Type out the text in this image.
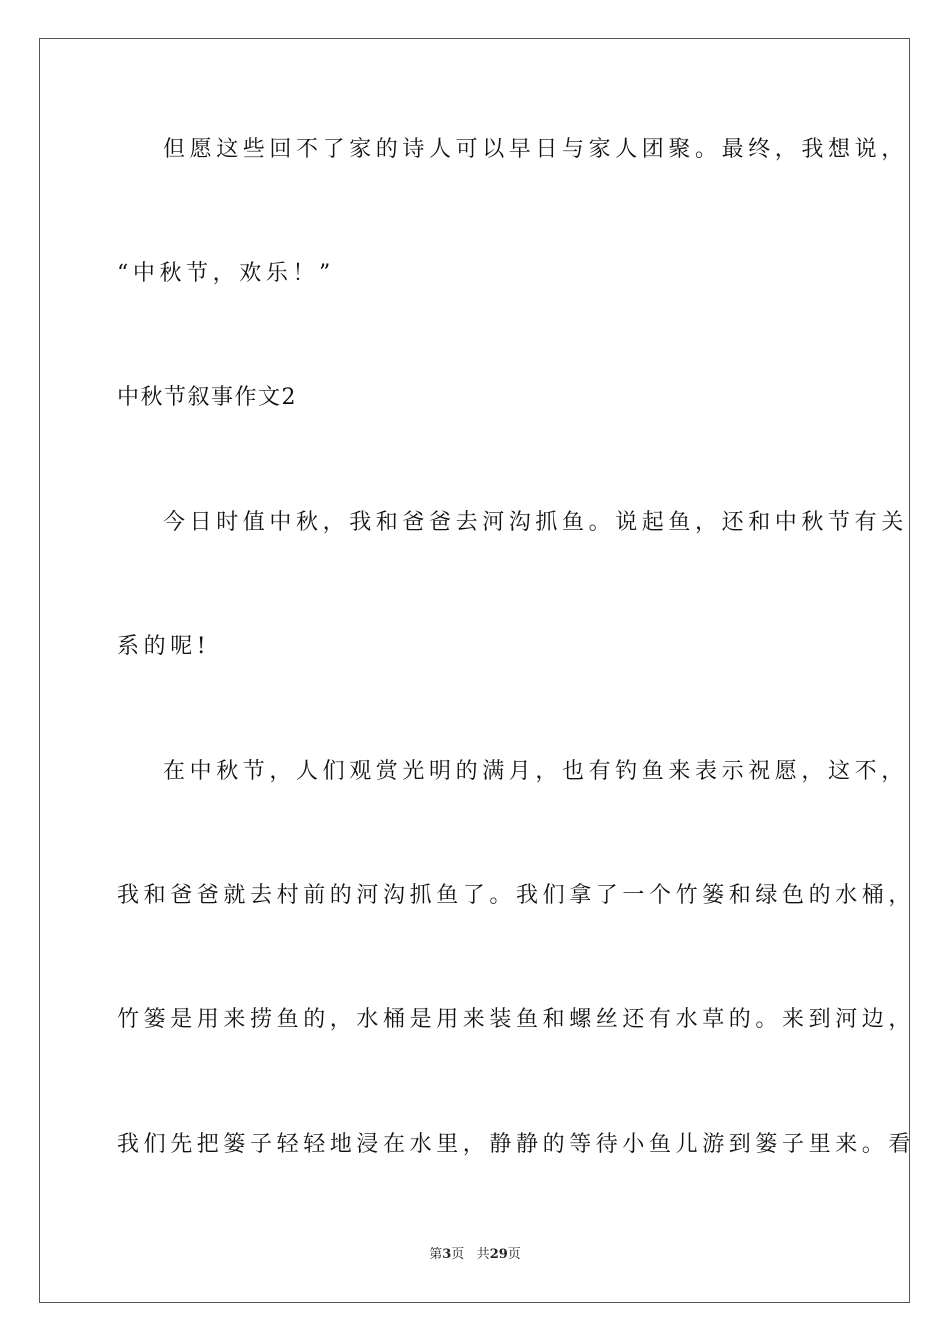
但愿这些回不了家的诗人可以早日与家人团聚。最终，我想说，
“中秋节，欢乐！”
中秋节叙事作文2
今日时值中秋，我和爸爸去河沟抓鱼。说起鱼，还和中秋节有关
系的呢!
在中秋节，人们观赏光明的满月，也有钓鱼来表示祝愿，这不，
我和爸爸就去村前的河沟抓鱼了。我们拿了一个竹篓和绿色的水桶，
竹篓是用来捞鱼的，水桶是用来装鱼和螺丝还有水草的。来到河边，
我们先把篓子轻轻地浸在水里，静静的等待小鱼儿游到篓子里来。看
第3页 共29页
